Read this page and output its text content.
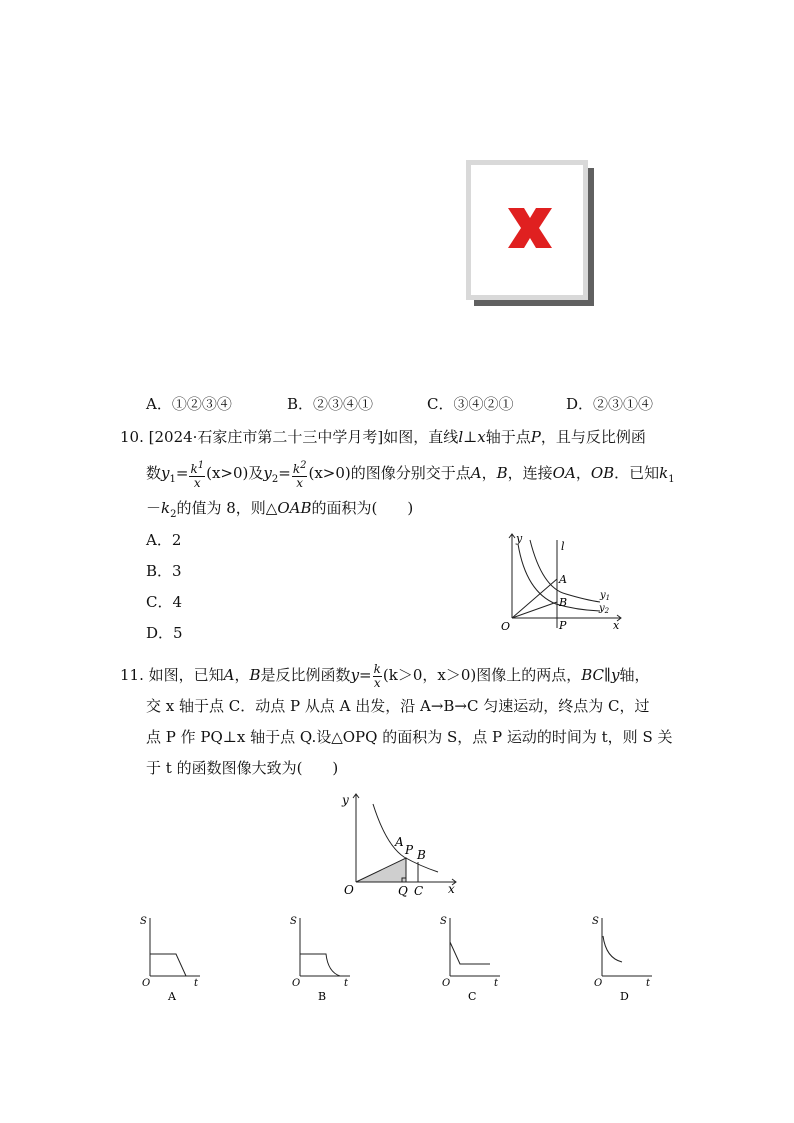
A．①②③④	B．②③④①	C．③④②①	D．②③①④
10. [2024·石家庄市第二十三中学月考]如图，直线l⊥x轴于点P，且与反比例函
数$y_1= \frac{k^1}{x} (x>0)$及$y_2= \frac{k^2}{x} (x>0)$的图像分别交于点A，B，连接OA，OB．已知$k_1$
$-k_2$的值为 8，则△OAB的面积为(　　)
A．2
B．3
C．4
D．5
y
l
A
B
O	P	x
$y_1$
$y_2$
11. 如图，已知A，B是反比例函数$y= \frac{k}{x} (k>0$，x＞0)图像上的两点，BC∥y轴，
交 x 轴于点 C．动点 P 从点 A 出发，沿 A→B→C 匀速运动，终点为 C，过
点 P 作 PQ⊥x 轴于点 Q.设△OPQ 的面积为 S，点 P 运动的时间为 t，则 S 关
于 t 的函数图像大致为(　　)
y
A
P B
O	Q C x
S
O	t
A
S
O	t
B
S
O	t
C
S
O	t
D
